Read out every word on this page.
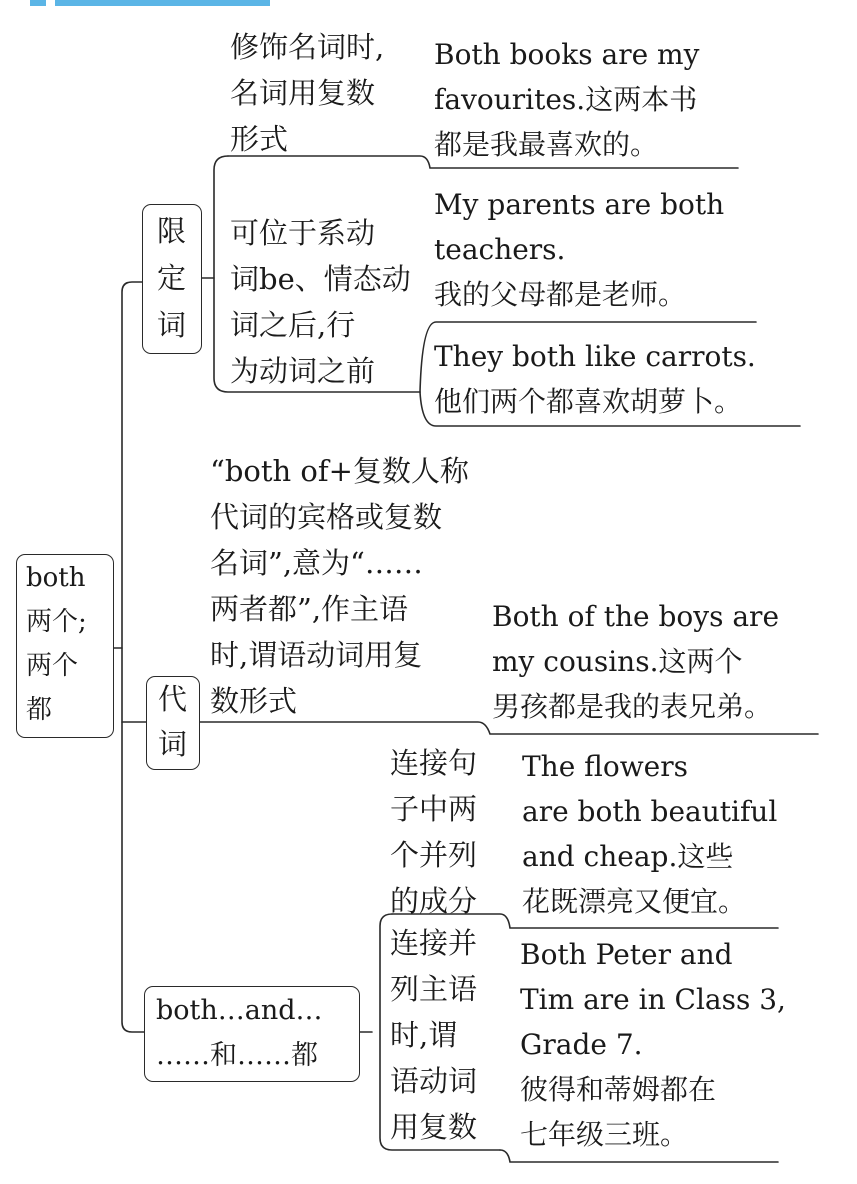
both
两个;
两个
都
限
定
词
修饰名词时,
名词用复数
形式
Both books are my
favourites.这两本书
都是我最喜欢的。
可位于系动
词be、情态动
词之后,行
为动词之前
My parents are both
teachers.
我的父母都是老师。
They both like carrots.
他们两个都喜欢胡萝卜。
代
词
“both of+复数人称
代词的宾格或复数
名词”,意为“……
两者都”,作主语
时,谓语动词用复
数形式
Both of the boys are
my cousins.这两个
男孩都是我的表兄弟。
both…and…
……和……都
连接句
子中两
个并列
的成分
The flowers
are both beautiful
and cheap.这些
花既漂亮又便宜。
连接并
列主语
时,谓
语动词
用复数
Both Peter and
Tim are in Class 3,
Grade 7.
彼得和蒂姆都在
七年级三班。
